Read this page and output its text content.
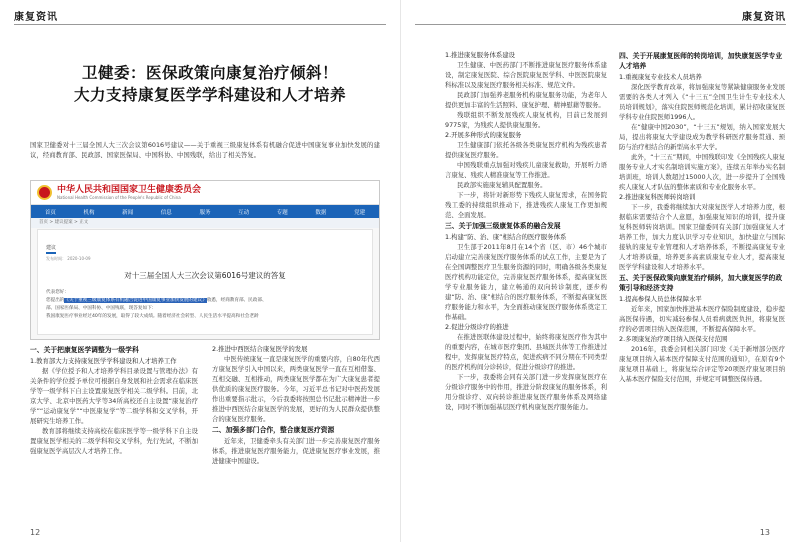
康复资讯
卫健委：医保政策向康复治疗倾斜！
大力支持康复医学学科建设和人才培养
国家卫健委对十三届全国人大三次会议第6016号建议——关于重视三级康复体系有机融合促进中国康复事业加快发展的建议，经商教育部、民政部、国家医保局、中国科协、中国残联，给出了相关答复。
中华人民共和国国家卫生健康委员会
National Health Commission of the People's Republic of China
首页	机构	新闻	信息	服务	互动	专题	数据	党建
首页 > 建议提案 > 正文
建议
发布时间： 2020-10-09
对十三届全国人大三次会议第6016号建议的答复
代表您好：
您提出的《关于重视三级康复体系有机融合促进中国康复事业加快发展的建议》收悉，经商教育部、民政部、
部、国家医保局、中国科协、中国残联，现答复如下：
我国康复医疗事业经过40年的发展，取得了较大成绩。随着经济社会转型、人民生活水平提高和社会老龄
一、关于把康复医学调整为一级学科
1.教育部大力支持康复医学学科建设和人才培养工作
据《学位授予和人才培养学科目录设置与管理办法》有关条件的学位授予单位可根据自身发展和社会需求在临床医学等一级学科下自主设置康复医学相关二级学科。目前，北京大学、北京中医药大学等34所高校还自主设置“康复治疗学”“运动康复学”“中医康复学”等二级学科和交叉学科，开展研究生培养工作。
教育部将继续支持高校在临床医学等一级学科下自主设置康复医学相关的二级学科和交叉学科，先行先试，不断加强康复医学高层次人才培养工作。
2.推进中西医结合康复医学的发展
中医传统康复一直是康复医学的重要内容，自80年代西方康复医学引入中国以来，两类康复医学一直在互相借鉴、互相交融、互相推动，两类康复医学都在为广大康复患者提供优质的康复医疗服务。今年，习近平总书记对中医药发展作出重要指示批示，今后我委将按照总书记批示精神进一步推进中西医结合康复医学的发展，更好的为人民群众提供整合的康复医疗服务。
二、加强多部门合作，整合康复医疗资源
近年来，卫健委牵头有关部门进一步完善康复医疗服务体系，推进康复医疗服务能力，促进康复医疗事业发展，推进健康中国建设。
12
康复资讯
1.推进康复服务体系建设
卫生健康、中医药部门不断推进康复医疗服务体系建设，制定康复医院、综合医院康复医学科、中医医院康复科标准以及康复医疗服务相关标准、规范文件。
民政部门加强养老服务机构康复服务功能，为老年人提供更加丰富的生活照料、康复护理、精神慰藉等服务。
残联组织不断发展残疾人康复机构，目前已发展到9775家，为残疾人提供康复服务。
2.开展多种形式的康复服务
卫生健康部门依托各级各类康复医疗机构为残疾患者提供康复医疗服务。
中国残联重点加强对残疾儿童康复救助，开展听力语言康复、残疾人精准康复等工作推进。
民政部实施康复辅具配置服务。
下一步，将针对新形势下残疾人康复需求，在国务院残工委的持续组织推动下，推进残疾人康复工作更加规范、全面发展。
三、关于加强三级康复体系的融合发展
1.构建“防、治、康”相结合的医疗服务体系
卫生部于2011年8月在14个省（区、市）46个城市启动建立完善康复医疗服务体系的试点工作，主要是为了在全国调整医疗卫生服务资源的同时，明确各级各类康复医疗机构功能定位，完善康复医疗服务体系，提高康复医学专业服务能力，建立畅通的双向转诊制度，逐步构建“防、治、康”相结合的医疗服务体系，不断提高康复医疗服务能力和水平，为全面推动康复医疗服务体系奠定工作基础。
2.促进分级诊疗的推进
在推进医联体建设过程中，始终将康复医疗作为其中的重要内容，在城市医疗集团、县域医共体等工作推进过程中，发挥康复医疗特点，促进疾病不同分期在不同类型的医疗机构间分诊转诊，促进分级诊疗的推进。
下一步，我委将会同有关部门进一步发挥康复医疗在分级诊疗服务中的作用，推进分阶段康复的服务体系，利用分级诊疗、双向转诊推进康复医疗服务体系及网络建设，同时不断加强基层医疗机构康复医疗服务能力。
四、关于开展康复医师的转岗培训，加快康复医学专业人才培养
1.重视康复专业技术人员培养
深化医学教育改革，将加强康复等紧缺健康服务业发展需要的各类人才列入《“十三五”全国卫生计生专业技术人员培训规划》，落实住院医师规范化培训，累计招收康复医学科专业住院医师1996人。
在“健康中国2030”，“十三五”规划，纳入国家发展大局，提出将康复大学建设成为教学科研医疗服务贯通、预防与治疗相结合的新型高水平大学。
此外，“十三五”期间，中国残联印发《全国残疾人康复服务专业人才实名制培训实施方案》，连续五年举办实名制培训班，培训人数超过15000人次，进一步提升了全国残疾人康复人才队伍的整体素质和专业化服务水平。
2.推进康复科医师转岗培训
下一步，我委将继续加大对康复医学人才培养力度，根据临床需要结合个人意愿，加强康复知识的培训，提升康复科医师转岗培训。国家卫健委同有关部门加强康复人才培养工作，加大力度认识学习专业知识，加快建立与国际接轨的康复专业管理和人才培养体系，不断提高康复专业人才培养质量，培养更多高素质康复专业人才，提高康复医学学科建设和人才培养水平。
五、关于医保政策向康复治疗倾斜，加大康复医学的政策引导和经济支持
1.提高参保人员总体保障水平
近年来，国家加快推进基本医疗保险制度建设，稳步提高医保待遇，切实减轻参保人员看病就医负担，将康复医疗的必需项目纳入医保范围，不断提高保障水平。
2.多项康复治疗项目纳入医保支付范围
2016年，我委会同相关部门印发《关于新增部分医疗康复项目纳入基本医疗保障支付范围的通知》，在原有9个康复项目基础上，将康复综合评定等20项医疗康复项目纳入基本医疗保险支付范围，并规定可调整医保待遇。
13
